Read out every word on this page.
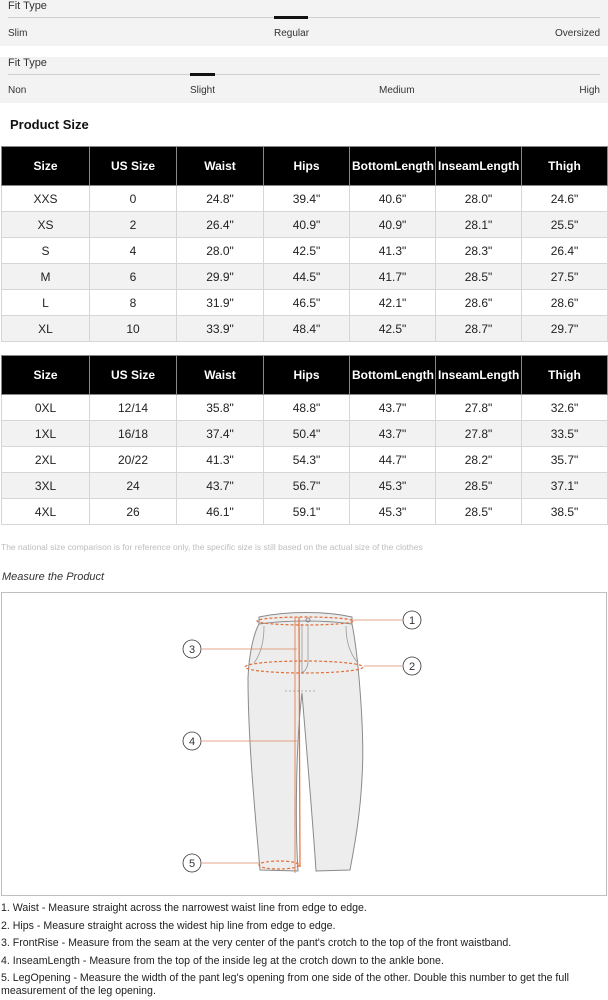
Fit Type
Slim	Regular	Oversized
Fit Type
Non	Slight	Medium	High
Product Size
Size	US Size	Waist	Hips	BottomLength	InseamLength	Thigh
XXS	0	24.8"	39.4"	40.6"	28.0"	24.6"
XS	2	26.4"	40.9"	40.9"	28.1"	25.5"
S	4	28.0"	42.5"	41.3"	28.3"	26.4"
M	6	29.9"	44.5"	41.7"	28.5"	27.5"
L	8	31.9"	46.5"	42.1"	28.6"	28.6"
XL	10	33.9"	48.4"	42.5"	28.7"	29.7"
Size	US Size	Waist	Hips	BottomLength	InseamLength	Thigh
0XL	12/14	35.8"	48.8"	43.7"	27.8"	32.6"
1XL	16/18	37.4"	50.4"	43.7"	27.8"	33.5"
2XL	20/22	41.3"	54.3"	44.7"	28.2"	35.7"
3XL	24	43.7"	56.7"	45.3"	28.5"	37.1"
4XL	26	46.1"	59.1"	45.3"	28.5"	38.5"
The national size comparison is for reference only, the specific size is still based on the actual size of the clothes
Measure the Product
1
2
3
4
5
1. Waist - Measure straight across the narrowest waist line from edge to edge.
2. Hips - Measure straight across the widest hip line from edge to edge.
3. FrontRise - Measure from the seam at the very center of the pant's crotch to the top of the front waistband.
4. InseamLength - Measure from the top of the inside leg at the crotch down to the ankle bone.
5. LegOpening - Measure the width of the pant leg's opening from one side of the other. Double this number to get the full measurement of the leg opening.
